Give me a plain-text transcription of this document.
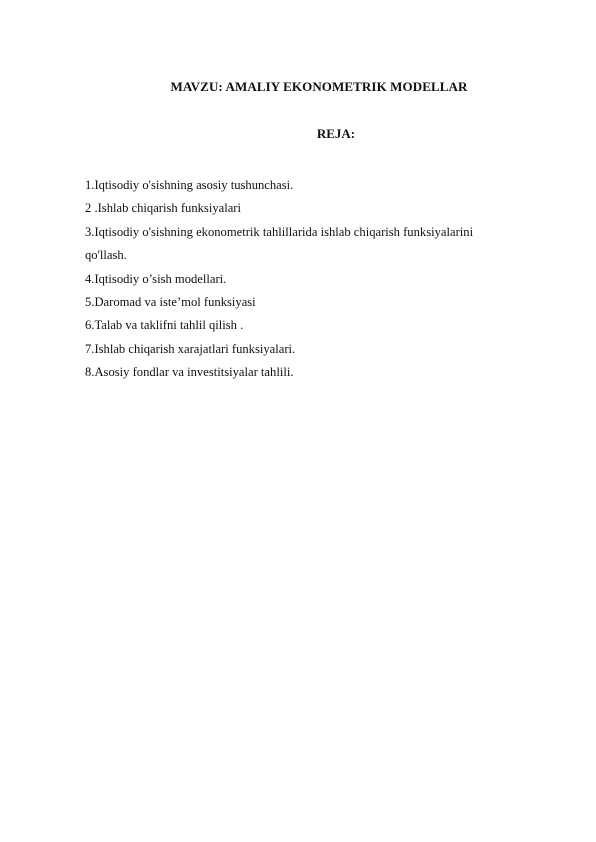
MAVZU: AMALIY EKONOMETRIK MODELLAR
REJA:
1.Iqtisodiy o'sishning asosiy tushunchasi.
2 .Ishlab chiqarish funksiyalari
3.Iqtisodiy o'sishning ekonometrik tahlillarida ishlab chiqarish funksiyalarini
qo'llash.
4.Iqtisodiy o’sish modellari.
5.Daromad va iste’mol funksiyasi
6.Talab va taklifni tahlil qilish .
7.Ishlab chiqarish xarajatlari funksiyalari.
8.Asosiy fondlar va investitsiyalar tahlili.
